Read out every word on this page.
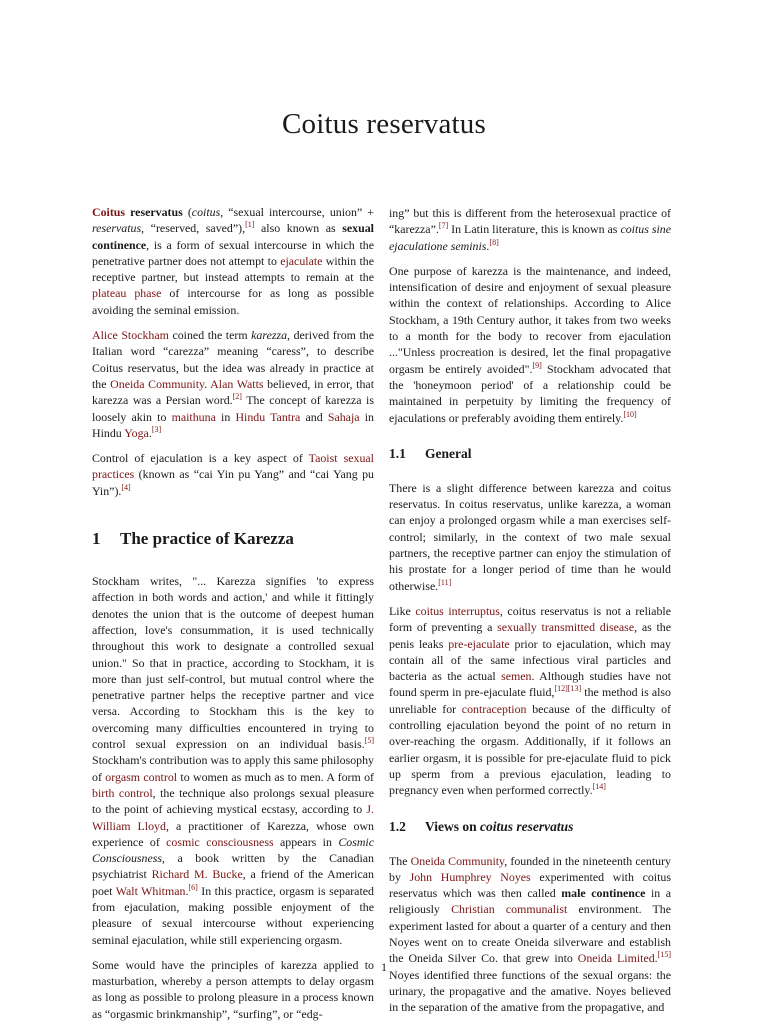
Coitus reservatus

Coitus reservatus (coitus, “sexual intercourse, union” + reservatus, “reserved, saved”),[1] also known as sexual continence, is a form of sexual intercourse in which the penetrative partner does not attempt to ejaculate within the receptive partner, but instead attempts to remain at the plateau phase of intercourse for as long as possible avoiding the seminal emission.

Alice Stockham coined the term karezza, derived from the Italian word “carezza” meaning “caress”, to describe Coitus reservatus, but the idea was already in practice at the Oneida Community. Alan Watts believed, in error, that karezza was a Persian word.[2] The concept of karezza is loosely akin to maithuna in Hindu Tantra and Sahaja in Hindu Yoga.[3]

Control of ejaculation is a key aspect of Taoist sexual practices (known as “cai Yin pu Yang” and “cai Yang pu Yin”).[4]

1 The practice of Karezza

Stockham writes, "... Karezza signifies 'to express affection in both words and action,' and while it fittingly denotes the union that is the outcome of deepest human affection, love's consummation, it is used technically throughout this work to designate a controlled sexual union." So that in practice, according to Stockham, it is more than just self-control, but mutual control where the penetrative partner helps the receptive partner and vice versa. According to Stockham this is the key to overcoming many difficulties encountered in trying to control sexual expression on an individual basis.[5] Stockham's contribution was to apply this same philosophy of orgasm control to women as much as to men. A form of birth control, the technique also prolongs sexual pleasure to the point of achieving mystical ecstasy, according to J. William Lloyd, a practitioner of Karezza, whose own experience of cosmic consciousness appears in Cosmic Consciousness, a book written by the Canadian psychiatrist Richard M. Bucke, a friend of the American poet Walt Whitman.[6] In this practice, orgasm is separated from ejaculation, making possible enjoyment of the pleasure of sexual intercourse without experiencing seminal ejaculation, while still experiencing orgasm.

Some would have the principles of karezza applied to masturbation, whereby a person attempts to delay orgasm as long as possible to prolong pleasure in a process known as “orgasmic brinkmanship”, “surfing”, or “edg-

ing” but this is different from the heterosexual practice of “karezza”.[7] In Latin literature, this is known as coitus sine ejaculatione seminis.[8]

One purpose of karezza is the maintenance, and indeed, intensification of desire and enjoyment of sexual pleasure within the context of relationships. According to Alice Stockham, a 19th Century author, it takes from two weeks to a month for the body to recover from ejaculation ..."Unless procreation is desired, let the final propagative orgasm be entirely avoided".[9] Stockham advocated that the 'honeymoon period' of a relationship could be maintained in perpetuity by limiting the frequency of ejaculations or preferably avoiding them entirely.[10]

1.1 General

There is a slight difference between karezza and coitus reservatus. In coitus reservatus, unlike karezza, a woman can enjoy a prolonged orgasm while a man exercises self-control; similarly, in the context of two male sexual partners, the receptive partner can enjoy the stimulation of his prostate for a longer period of time than he would otherwise.[11]

Like coitus interruptus, coitus reservatus is not a reliable form of preventing a sexually transmitted disease, as the penis leaks pre-ejaculate prior to ejaculation, which may contain all of the same infectious viral particles and bacteria as the actual semen. Although studies have not found sperm in pre-ejaculate fluid,[12][13] the method is also unreliable for contraception because of the difficulty of controlling ejaculation beyond the point of no return in over-reaching the orgasm. Additionally, if it follows an earlier orgasm, it is possible for pre-ejaculate fluid to pick up sperm from a previous ejaculation, leading to pregnancy even when performed correctly.[14]

1.2 Views on coitus reservatus

The Oneida Community, founded in the nineteenth century by John Humphrey Noyes experimented with coitus reservatus which was then called male continence in a religiously Christian communalist environment. The experiment lasted for about a quarter of a century and then Noyes went on to create Oneida silverware and establish the Oneida Silver Co. that grew into Oneida Limited.[15] Noyes identified three functions of the sexual organs: the urinary, the propagative and the amative. Noyes believed in the separation of the amative from the propagative, and

1
